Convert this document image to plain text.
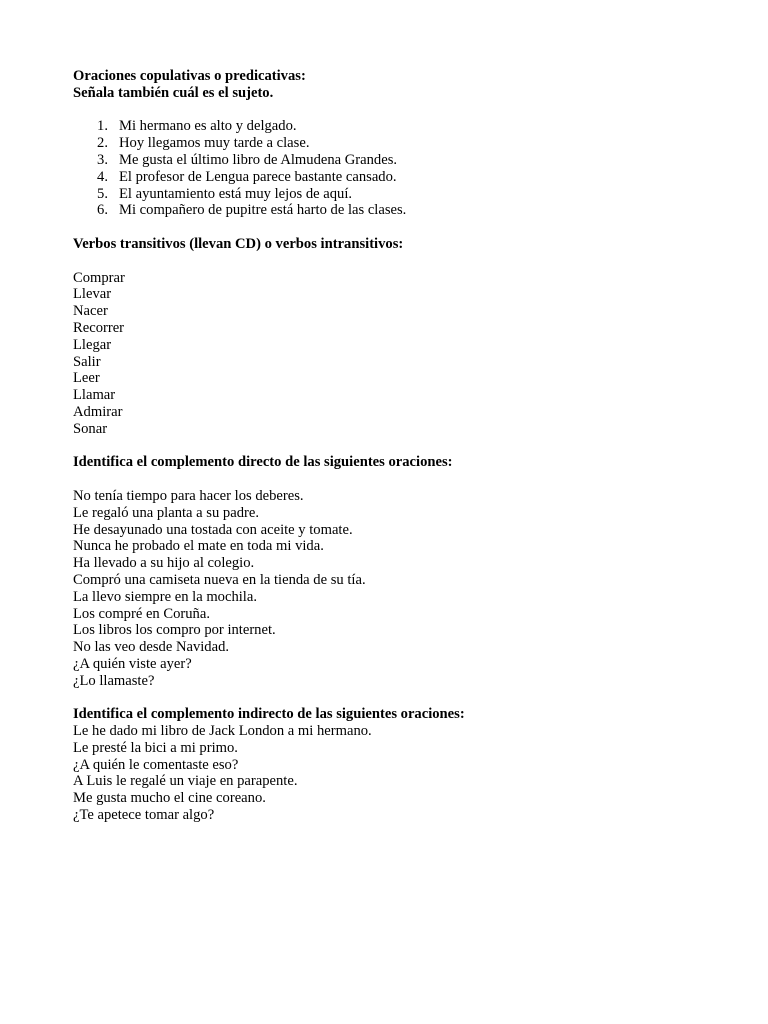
Oraciones copulativas o predicativas:

Señala también cuál es el sujeto.

1. Mi hermano es alto y delgado.
2. Hoy llegamos muy tarde a clase.
3. Me gusta el último libro de Almudena Grandes.
4. El profesor de Lengua parece bastante cansado.
5. El ayuntamiento está muy lejos de aquí.
6. Mi compañero de pupitre está harto de las clases.

Verbos transitivos (llevan CD) o verbos intransitivos:

Comprar

Llevar

Nacer

Recorrer

Llegar

Salir

Leer

Llamar

Admirar

Sonar

Identifica el complemento directo de las siguientes oraciones:

No tenía tiempo para hacer los deberes.

Le regaló una planta a su padre.

He desayunado una tostada con aceite y tomate.

Nunca he probado el mate en toda mi vida.

Ha llevado a su hijo al colegio.

Compró una camiseta nueva en la tienda de su tía.

La llevo siempre en la mochila.

Los compré en Coruña.

Los libros los compro por internet.

No las veo desde Navidad.

¿A quién viste ayer?

¿Lo llamaste?

Identifica el complemento indirecto de las siguientes oraciones:

Le he dado mi libro de Jack London a mi hermano.

Le presté la bici a mi primo.

¿A quién le comentaste eso?

A Luis le regalé un viaje en parapente.

Me gusta mucho el cine coreano.

¿Te apetece tomar algo?
